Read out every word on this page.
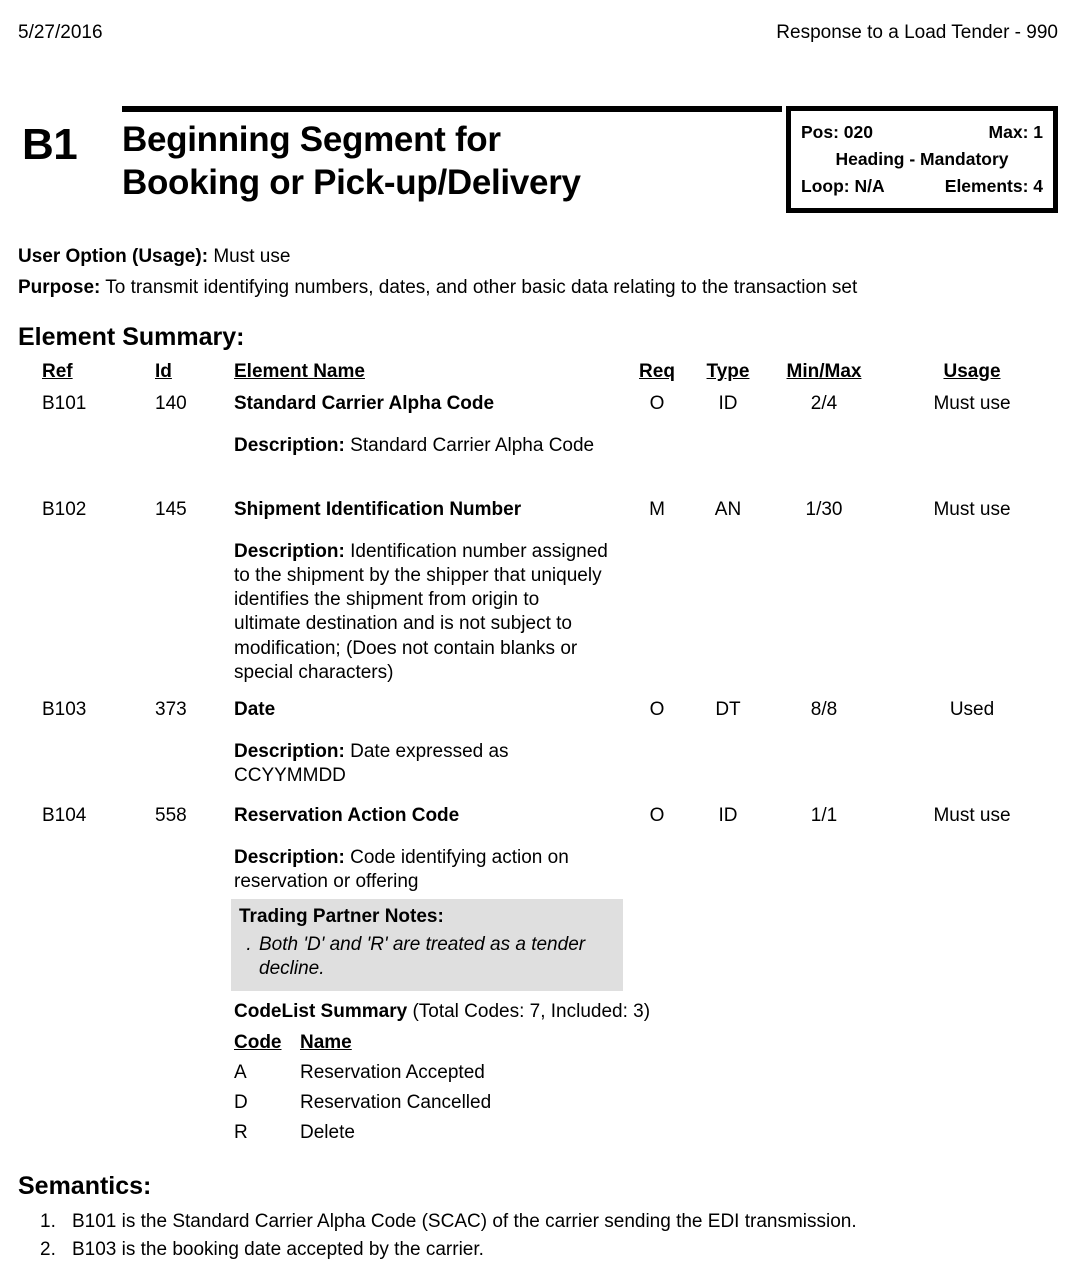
5/27/2016	Response to a Load Tender - 990
B1 Beginning Segment for
Booking or Pick-up/Delivery
Pos: 020	Max: 1
Heading - Mandatory
Loop: N/A	Elements: 4
User Option (Usage): Must use
Purpose: To transmit identifying numbers, dates, and other basic data relating to the transaction set
Element Summary:
Ref	Id	Element Name	Req Type	Min/Max	Usage
B101	140 Standard Carrier Alpha Code	O	ID	2/4	Must use
Description: Standard Carrier Alpha Code
B102	145 Shipment Identification Number	M	AN	1/30	Must use
Description: Identification number assigned to the shipment by the shipper that uniquely identifies the shipment from origin to ultimate destination and is not subject to modification; (Does not contain blanks or special characters)
B103	373 Date	O	DT	8/8	Used
Description: Date expressed as CCYYMMDD
B104	558 Reservation Action Code	O	ID	1/1	Must use
Description: Code identifying action on reservation or offering
Trading Partner Notes:
. Both 'D' and 'R' are treated as a tender decline.
CodeList Summary (Total Codes: 7, Included: 3)
Code Name
A	Reservation Accepted
D	Reservation Cancelled
R	Delete
Semantics:
1. B101 is the Standard Carrier Alpha Code (SCAC) of the carrier sending the EDI transmission.
2. B103 is the booking date accepted by the carrier.
